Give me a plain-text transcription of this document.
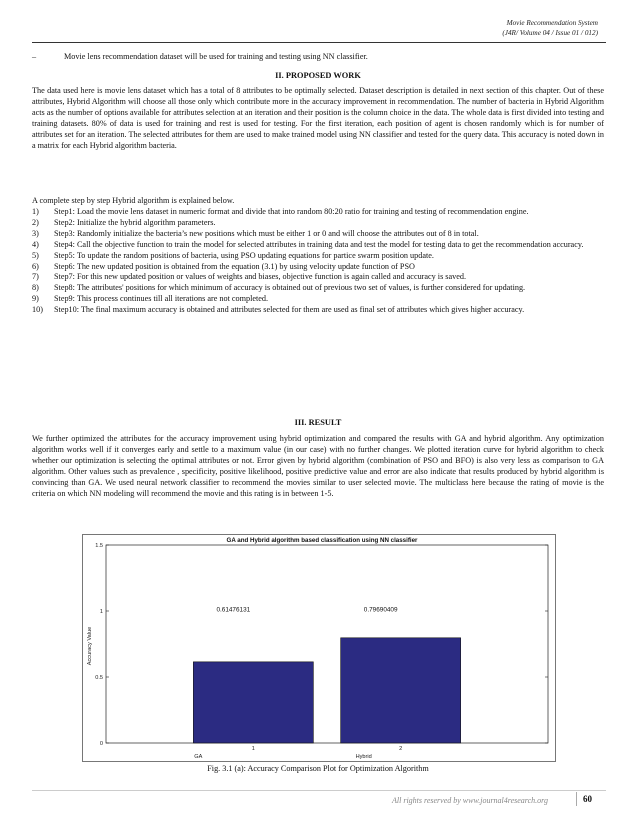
Movie Recommendation System
(J4R/ Volume 04 / Issue 01 / 012)
–	Movie lens recommendation dataset will be used for training and testing using NN classifier.
II. PROPOSED WORK
The data used here is movie lens dataset which has a total of 8 attributes to be optimally selected. Dataset description is detailed in next section of this chapter. Out of these attributes, Hybrid Algorithm will choose all those only which contribute more in the accuracy improvement in recommendation. The number of bacteria in Hybrid Algorithm acts as the number of options available for attributes selection at an iteration and their position is the column choice in the data. The whole data is first divided into testing and training datasets. 80% of data is used for training and rest is used for testing. For the first iteration, each position of agent is chosen randomly which is for number of attributes set for an iteration. The selected attributes for them are used to make trained model using NN classifier and tested for the query data. This accuracy is noted down in a matrix for each Hybrid algorithm bacteria.
A complete step by step Hybrid algorithm is explained below.
1) Step1: Load the movie lens dataset in numeric format and divide that into random 80:20 ratio for training and testing of recommendation engine.
2) Step2: Initialize the hybrid algorithm parameters.
3) Step3: Randomly initialize the bacteria’s new positions which must be either 1 or 0 and will choose the attributes out of 8 in total.
4) Step4: Call the objective function to train the model for selected attributes in training data and test the model for testing data to get the recommendation accuracy.
5) Step5: To update the random positions of bacteria, using PSO updating equations for partice swarm position update.
6) Step6: The new updated position is obtained from the equation (3.1) by using velocity update function of PSO
7) Step7: For this new updated position or values of weights and biases, objective function is again called and accuracy is saved.
8) Step8: The attributes' positions for which minimum of accuracy is obtained out of previous two set of values, is further considered for updating.
9) Step9: This process continues till all iterations are not completed.
10) Step10: The final maximum accuracy is obtained and attributes selected for them are used as final set of attributes which gives higher accuracy.
III. RESULT
We further optimized the attributes for the accuracy improvement using hybrid optimization and compared the results with GA and hybrid algorithm. Any optimization algorithm works well if it converges early and settle to a maximum value (in our case) with no further changes. We plotted iteration curve for hybrid algorithm to check whether our optimization is selecting the optimal attributes or not. Error given by hybrid algorithm (combination of PSO and BFO) is also very less as comparison to GA algorithm. Other values such as prevalence , specificity, positive likelihood, positive predictive value and error are also indicate that results produced by hybrid algorithm is convincing than GA. We used neural network classifier to recommend the movies similar to user selected movie. The multiclass here because the rating of movie is the criteria on which NN modeling will recommend the movie and this rating is in between 1-5.
GA and Hybrid algorithm based classification using NN classifier
0
0.5
1
1.5
1	2
GA	Hybrid
0.61476131	0.79690409
Accuracy Value
Fig. 3.1 (a): Accuracy Comparison Plot for Optimization Algorithm
All rights reserved by www.journal4research.org	60
